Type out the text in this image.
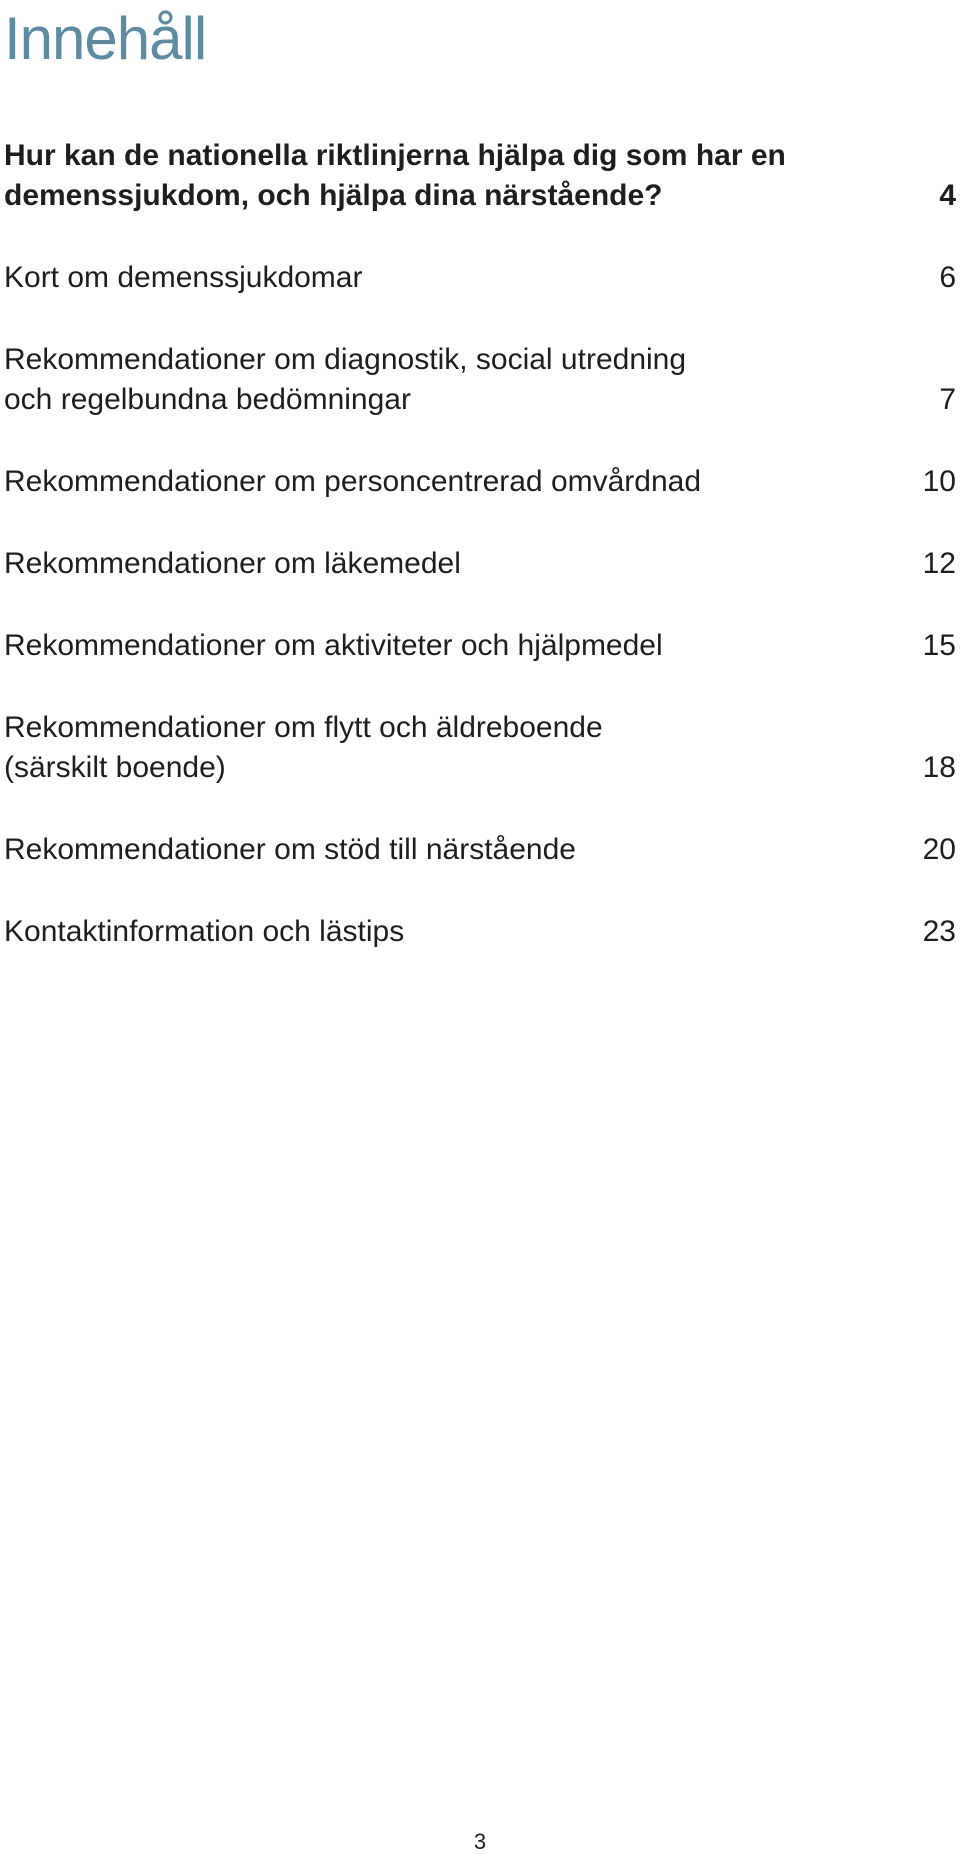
Innehåll
Hur kan de nationella riktlinjerna hjälpa dig som har en
demenssjukdom, och hjälpa dina närstående?	4
Kort om demenssjukdomar	6
Rekommendationer om diagnostik, social utredning
och regelbundna bedömningar	7
Rekommendationer om personcentrerad omvårdnad	10
Rekommendationer om läkemedel	12
Rekommendationer om aktiviteter och hjälpmedel	15
Rekommendationer om flytt och äldreboende
(särskilt boende)	18
Rekommendationer om stöd till närstående	20
Kontaktinformation och lästips	23
3
